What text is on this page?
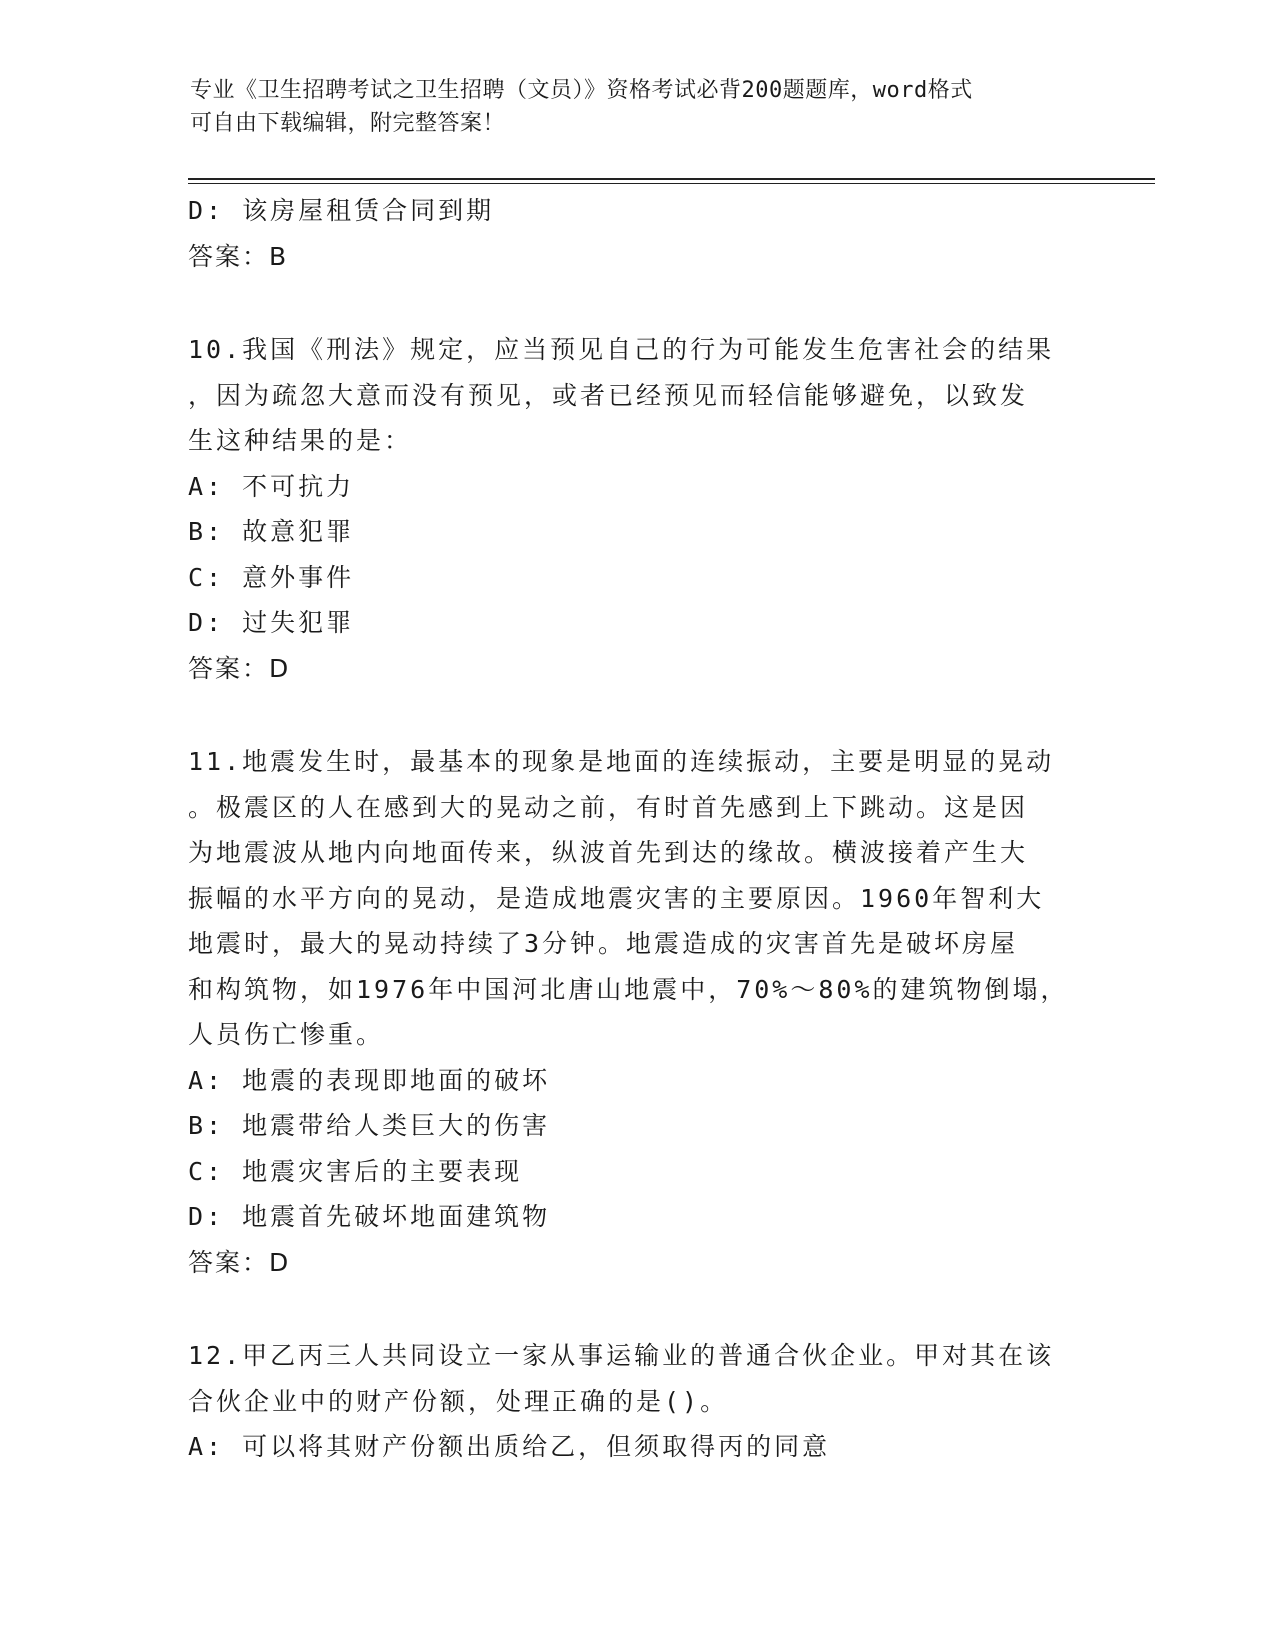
专业《卫生招聘考试之卫生招聘（文员）》资格考试必背200题题库，word格式
可自由下载编辑，附完整答案！
D: 该房屋租赁合同到期
答案：B
10.我国《刑法》规定，应当预见自己的行为可能发生危害社会的结果
，因为疏忽大意而没有预见，或者已经预见而轻信能够避免，以致发
生这种结果的是：
A: 不可抗力
B: 故意犯罪
C: 意外事件
D: 过失犯罪
答案：D
11.地震发生时，最基本的现象是地面的连续振动，主要是明显的晃动
。极震区的人在感到大的晃动之前，有时首先感到上下跳动。这是因
为地震波从地内向地面传来，纵波首先到达的缘故。横波接着产生大
振幅的水平方向的晃动，是造成地震灾害的主要原因。1960年智利大
地震时，最大的晃动持续了3分钟。地震造成的灾害首先是破坏房屋
和构筑物，如1976年中国河北唐山地震中，70%～80%的建筑物倒塌，
人员伤亡惨重。
A: 地震的表现即地面的破坏
B: 地震带给人类巨大的伤害
C: 地震灾害后的主要表现
D: 地震首先破坏地面建筑物
答案：D
12.甲乙丙三人共同设立一家从事运输业的普通合伙企业。甲对其在该
合伙企业中的财产份额，处理正确的是()。
A: 可以将其财产份额出质给乙，但须取得丙的同意
